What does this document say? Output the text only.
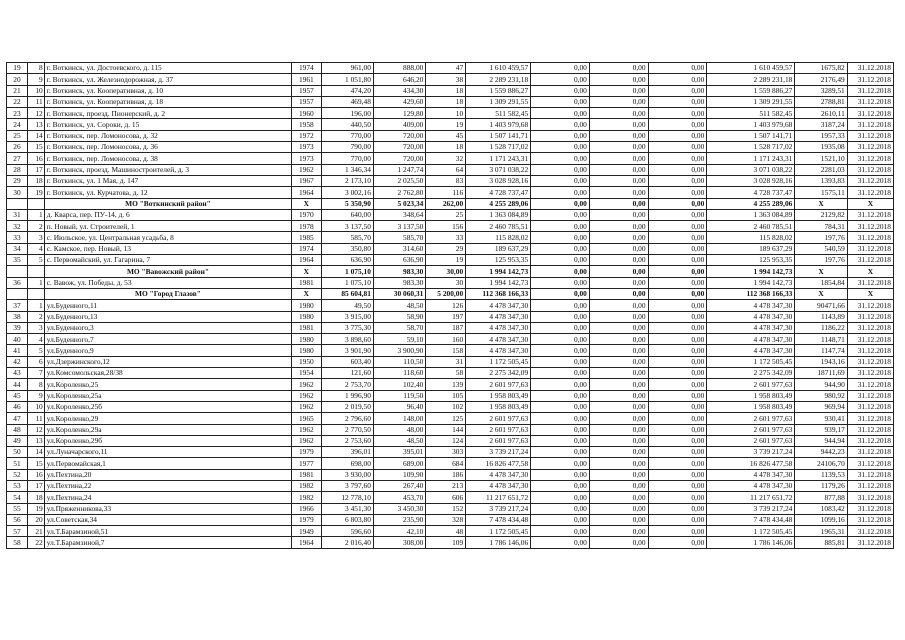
19	8	г. Воткинск, ул. Достоевского, д. 115	1974	961,00	888,00	47	1 610 459,57	0,00	0,00	0,00	1 610 459,57	1675,82	31.12.2018
20	9	г. Воткинск, ул. Железнодорожная, д. 37	1961	1 051,80	646,20	38	2 289 231,18	0,00	0,00	0,00	2 289 231,18	2176,49	31.12.2018
21	10	г. Воткинск, ул. Кооперативная, д. 10	1957	474,20	434,30	18	1 559 886,27	0,00	0,00	0,00	1 559 886,27	3289,51	31.12.2018
22	11	г. Воткинск, ул. Кооперативная, д. 18	1957	469,48	429,60	18	1 309 291,55	0,00	0,00	0,00	1 309 291,55	2788,81	31.12.2018
23	12	г. Воткинск, проезд. Пионерский, д. 2	1960	196,00	129,80	10	511 582,45	0,00	0,00	0,00	511 582,45	2610,11	31.12.2018
24	13	г. Воткинск, ул. Сороки, д. 15	1958	440,50	409,00	19	1 403 979,68	0,00	0,00	0,00	1 403 979,68	3187,24	31.12.2018
25	14	г. Воткинск, пер. Ломоносова, д. 32	1972	770,00	720,00	45	1 507 141,71	0,00	0,00	0,00	1 507 141,71	1957,33	31.12.2018
26	15	г. Воткинск, пер. Ломоносова, д. 36	1973	790,00	720,00	18	1 528 717,02	0,00	0,00	0,00	1 528 717,02	1935,08	31.12.2018
27	16	г. Воткинск, пер. Ломоносова, д. 38	1973	770,00	720,00	32	1 171 243,31	0,00	0,00	0,00	1 171 243,31	1521,10	31.12.2018
28	17	г. Воткинск, проезд. Машиностроителей, д. 3	1962	1 346,34	1 247,74	64	3 071 038,22	0,00	0,00	0,00	3 071 038,22	2281,03	31.12.2018
29	18	г. Воткинск, ул. 1 Мая, д. 147	1967	2 173,10	2 025,50	83	3 028 928,16	0,00	0,00	0,00	3 028 928,16	1393,83	31.12.2018
30	19	г. Воткинск, ул. Курчатова, д. 12	1964	3 002,16	2 762,80	116	4 728 737,47	0,00	0,00	0,00	4 728 737,47	1575,11	31.12.2018
		МО "Воткинский район"	X	5 350,90	5 023,34	262,00	4 255 289,06	0,00	0,00	0,00	4 255 289,06	X	X
31	1	д. Кварса, пер. ПУ-14, д. 6	1970	640,00	348,64	25	1 363 084,89	0,00	0,00	0,00	1 363 084,89	2129,82	31.12.2018
32	2	п. Новый, ул. Строителей, 1	1978	3 137,50	3 137,50	156	2 460 785,51	0,00	0,00	0,00	2 460 785,51	784,31	31.12.2018
33	3	с. Июльское, ул. Центральная усадьба, 8	1985	585,70	585,70	33	115 828,02	0,00	0,00	0,00	115 828,02	197,76	31.12.2018
34	4	с. Камское, пер. Новый, 13	1974	350,80	314,60	29	189 637,29	0,00	0,00	0,00	189 637,29	540,59	31.12.2018
35	5	с. Первомайский, ул. Гагарина, 7	1964	636,90	636,90	19	125 953,35	0,00	0,00	0,00	125 953,35	197,76	31.12.2018
		МО "Вавожский район"	X	1 075,10	983,30	30,00	1 994 142,73	0,00	0,00	0,00	1 994 142,73	X	X
36	1	с. Вавож, ул. Победы, д. 53	1981	1 075,10	983,30	30	1 994 142,73	0,00	0,00	0,00	1 994 142,73	1854,84	31.12.2018
		МО "Город Глазов"	X	85 604,81	30 060,31	5 200,00	112 368 166,33	0,00	0,00	0,00	112 368 166,33	X	X
37	1	ул.Буденного,11	1980	49,50	48,50	126	4 478 347,30	0,00	0,00	0,00	4 478 347,30	90471,66	31.12.2018
38	2	ул.Буденного,13	1980	3 915,00	58,90	197	4 478 347,30	0,00	0,00	0,00	4 478 347,30	1143,89	31.12.2018
39	3	ул.Буденного,3	1981	3 775,30	58,70	187	4 478 347,30	0,00	0,00	0,00	4 478 347,30	1186,22	31.12.2018
40	4	ул.Буденного,7	1980	3 898,60	59,10	160	4 478 347,30	0,00	0,00	0,00	4 478 347,30	1148,71	31.12.2018
41	5	ул.Буденного,9	1980	3 901,90	3 900,90	158	4 478 347,30	0,00	0,00	0,00	4 478 347,30	1147,74	31.12.2018
42	6	ул.Дзержинского,12	1950	603,40	110,50	31	1 172 505,45	0,00	0,00	0,00	1 172 505,45	1943,16	31.12.2018
43	7	ул.Комсомольская,28/38	1954	121,60	118,60	58	2 275 342,09	0,00	0,00	0,00	2 275 342,09	18711,69	31.12.2018
44	8	ул.Короленко,25	1962	2 753,70	102,40	139	2 601 977,63	0,00	0,00	0,00	2 601 977,63	944,90	31.12.2018
45	9	ул.Короленко,25а	1962	1 996,90	119,50	105	1 958 803,49	0,00	0,00	0,00	1 958 803,49	980,92	31.12.2018
46	10	ул.Короленко,25б	1962	2 019,50	96,40	102	1 958 803,49	0,00	0,00	0,00	1 958 803,49	969,94	31.12.2018
47	11	ул.Короленко,29	1965	2 796,60	148,00	125	2 601 977,63	0,00	0,00	0,00	2 601 977,63	930,41	31.12.2018
48	12	ул.Короленко,29а	1962	2 770,50	48,00	144	2 601 977,63	0,00	0,00	0,00	2 601 977,63	939,17	31.12.2018
49	13	ул.Короленко,29б	1962	2 753,60	48,50	124	2 601 977,63	0,00	0,00	0,00	2 601 977,63	944,94	31.12.2018
50	14	ул.Луначарского,11	1979	396,01	395,01	303	3 739 217,24	0,00	0,00	0,00	3 739 217,24	9442,23	31.12.2018
51	15	ул.Первомайская,1	1977	698,00	689,00	684	16 826 477,58	0,00	0,00	0,00	16 826 477,58	24106,70	31.12.2018
52	16	ул.Пехтина,20	1981	3 930,00	109,90	186	4 478 347,30	0,00	0,00	0,00	4 478 347,30	1139,53	31.12.2018
53	17	ул.Пехтина,22	1982	3 797,60	267,40	213	4 478 347,30	0,00	0,00	0,00	4 478 347,30	1179,26	31.12.2018
54	18	ул.Пехтина,24	1982	12 778,10	453,70	606	11 217 651,72	0,00	0,00	0,00	11 217 651,72	877,88	31.12.2018
55	19	ул.Пряженникова,33	1966	3 451,30	3 450,30	152	3 739 217,24	0,00	0,00	0,00	3 739 217,24	1083,42	31.12.2018
56	20	ул.Советская,34	1979	6 803,80	235,90	328	7 478 434,48	0,00	0,00	0,00	7 478 434,48	1099,16	31.12.2018
57	21	ул.Т.Барамзиной,51	1949	596,60	42,10	48	1 172 505,45	0,00	0,00	0,00	1 172 505,45	1965,31	31.12.2018
58	22	ул.Т.Барамзиной,7	1964	2 016,40	308,00	109	1 786 146,06	0,00	0,00	0,00	1 786 146,06	885,81	31.12.2018
